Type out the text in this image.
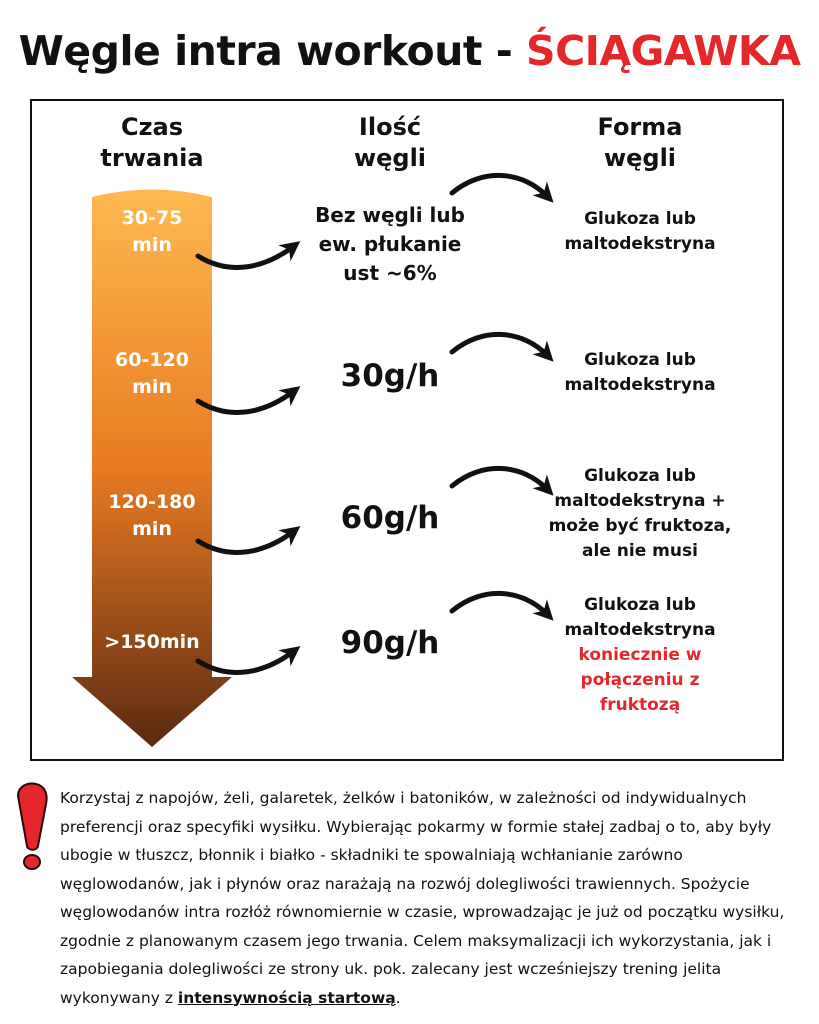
Węgle intra workout - ŚCIĄGAWKA
Czas
trwania
Ilość
węgli
Forma
węgli
30-75
min
60-120
min
120-180
min
>150min
Bez węgli lub
ew. płukanie
ust ~6%
30g/h
60g/h
90g/h
Glukoza lub
maltodekstryna
Glukoza lub
maltodekstryna
Glukoza lub
maltodekstryna +
może być fruktoza,
ale nie musi
Glukoza lub
maltodekstryna
koniecznie w połączeniu z fruktozą
Korzystaj z napojów, żeli, galaretek, żelków i batoników, w zależności od indywidualnych preferencji oraz specyfiki wysiłku. Wybierając pokarmy w formie stałej zadbaj o to, aby były ubogie w tłuszcz, błonnik i białko - składniki te spowalniają wchłanianie zarówno węglowodanów, jak i płynów oraz narażają na rozwój dolegliwości trawiennych. Spożycie węglowodanów intra rozłóż równomiernie w czasie, wprowadzając je już od początku wysiłku, zgodnie z planowanym czasem jego trwania. Celem maksymalizacji ich wykorzystania, jak i zapobiegania dolegliwości ze strony uk. pok. zalecany jest wcześniejszy trening jelita wykonywany z intensywnością startową.
